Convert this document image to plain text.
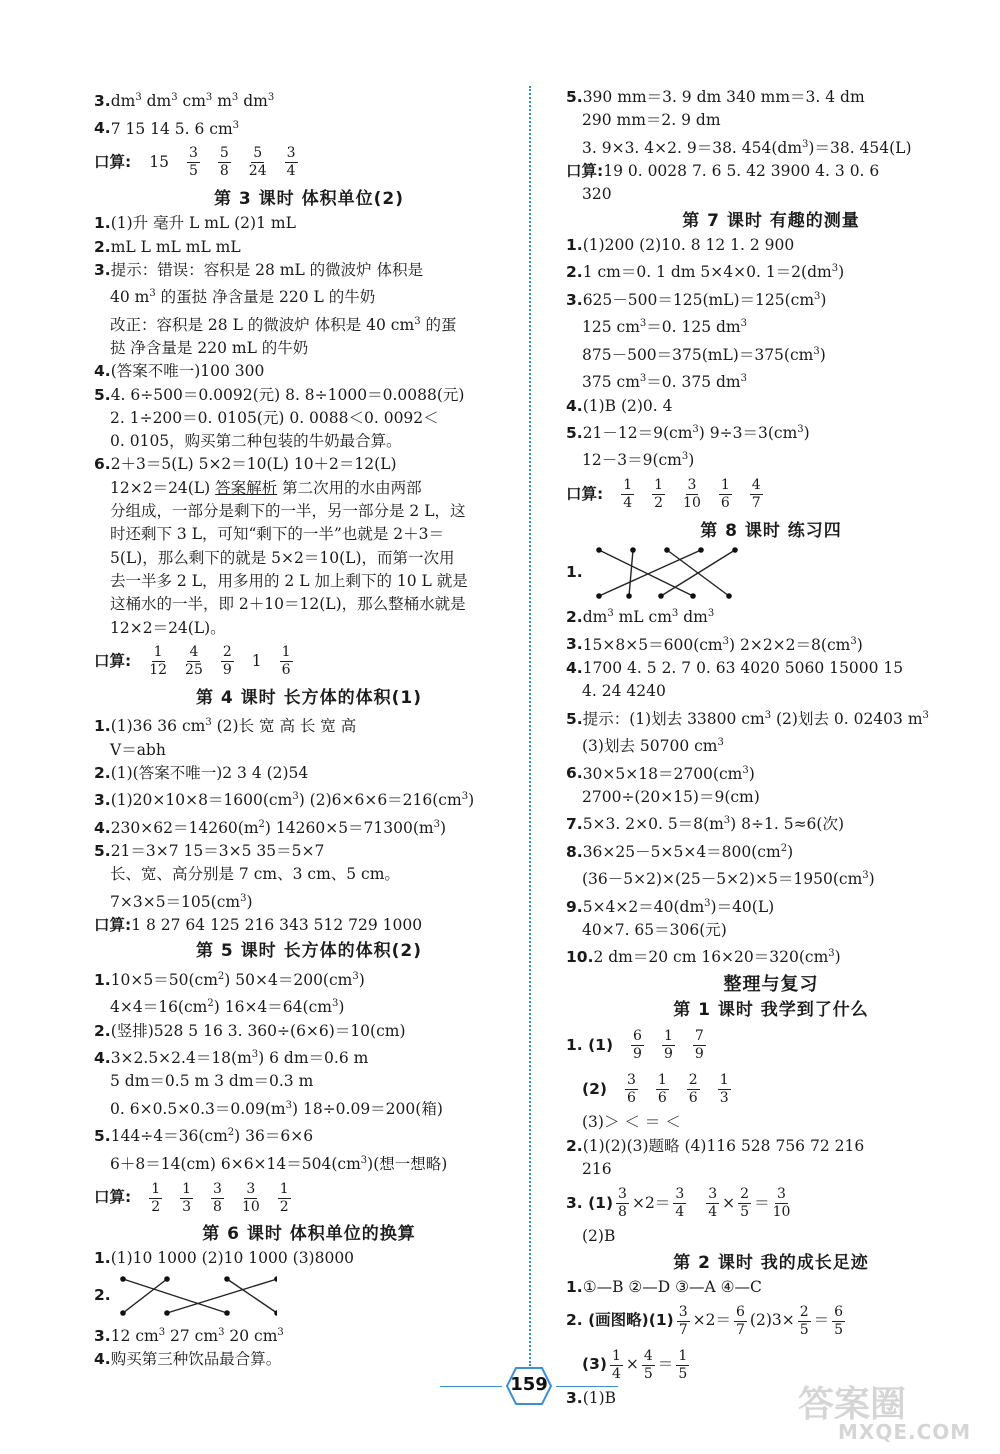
$3.dm^3$ $dm^3$ $cm^3$ $m^3$ $dm^3$
4.7 15 14 5. 6 $cm^3$
口算: $15 \frac{3}{5} \frac{5}{8} \frac{5}{24} \frac{3}{4}$
第 3 课时 体积单位(2)
1.(1)升 毫升 L mL (2)1 mL
2.mL L mL mL mL
3.提示：错误：容积是 28 mL 的微波炉 体积是
40 $m^3$ 的蛋挞 净含量是 220 L 的牛奶
改正：容积是 28 L 的微波炉 体积是 40 $cm^3$ 的蛋
挞 净含量是 220 mL 的牛奶
4.(答案不唯一)100 300
5.4. 6÷500＝0.0092(元) 8. 8÷1000＝0.0088(元)
2. 1÷200＝0. 0105(元) 0. 0088＜0. 0092＜
0. 0105，购买第二种包装的牛奶最合算。
6.2＋3＝5(L) 5×2＝10(L) 10＋2＝12(L)
12×2＝24(L) 答案解析 第二次用的水由两部
分组成，一部分是剩下的一半，另一部分是 2 L，这
时还剩下 3 L，可知“剩下的一半”也就是 2＋3＝
5(L)，那么剩下的就是 5×2＝10(L)，而第一次用
去一半多 2 L，用多用的 2 L 加上剩下的 10 L 就是
这桶水的一半，即 2＋10＝12(L)，那么整桶水就是
12×2＝24(L)。
口算: $\frac{1}{12} \frac{4}{25} \frac{2}{9} 1 \frac{1}{6}$
第 4 课时 长方体的体积(1)
1.(1)36 36 $cm^3$ (2)长 宽 高 长 宽 高
V＝abh
2.(1)(答案不唯一)2 3 4 (2)54
$3.(1)20\times 10\times 8=1600(cm^3)$ $(2)6\times 6\times 6=216(cm^3)$
$4.230\times 62=14260(m^2)$ $14260\times 5=71300(m^3)$
5.21＝3×7 15＝3×5 35＝5×7
长、宽、高分别是 7 cm、3 cm、5 cm。
$7\times 3\times 5=105(cm^3)$
口算:1 8 27 64 125 216 343 512 729 1000
第 5 课时 长方体的体积(2)
$1.10\times 5=50(cm^2)$ $50\times 4=200(cm^3)$
$4\times 4=16(cm^2)$ $16\times 4=64(cm^3)$
2.(竖排)528 5 16 3. 360÷(6×6)＝10(cm)
$4.3\times 2.5\times 2.4=18(m^3)$ 6 dm＝0.6 m
5 dm＝0.5 m 3 dm＝0.3 m
0. $6\times 0.5\times 0.3=0.09(m^3)$ 18÷0.09＝200(箱)
$5.144\div 4=36(cm^2)$ 36＝6×6
6＋8＝14(cm) $6\times 6\times 14=504(cm^3)$(想一想略)
口算: $\frac{1}{2} \frac{1}{3} \frac{3}{8} \frac{3}{10} \frac{1}{2}$
第 6 课时 体积单位的换算
1.(1)10 1000 (2)10 1000 (3)8000
2.
3.12 $cm^3$ 27 $cm^3$ 20 $cm^3$
4.购买第三种饮品最合算。
5.390 mm＝3. 9 dm 340 mm＝3. 4 dm
290 mm＝2. 9 dm
3. 9×3. 4×2. 9＝38. $454(dm^3)=38$. 454(L)
口算:19 0. 0028 7. 6 5. 42 3900 4. 3 0. 6
320
第 7 课时 有趣的测量
1.(1)200 (2)10. 8 12 1. 2 900
2.1 cm＝0. 1 dm 5×4×0. $1=2(dm^3)$
$3.625-500=125(mL)=125(cm^3)$
125 $cm^3=0$. 125 $dm^3$
$875-500=375(mL)=375(cm^3)$
375 $cm^3=0$. 375 $dm^3$
4.(1)B (2)0. 4
$5.21-12=9(cm^3)$ $9\div 3=3(cm^3)$
$12-3=9(cm^3)$
口算: $\frac{1}{4} \frac{1}{2} \frac{3}{10} \frac{1}{6} \frac{4}{7}$
第 8 课时 练习四
1.
$2.dm^3$ mL $cm^3$ $dm^3$
$3.15\times 8\times 5=600(cm^3)$ $2\times 2\times 2=8(cm^3)$
4.1700 4. 5 2. 7 0. 63 4020 5060 15000 15
4. 24 4240
5.提示：(1)划去 33800 $cm^3$ (2)划去 0. 02403 $m^3$
(3)划去 50700 $cm^3$
$6.30\times 5\times 18=2700(cm^3)$
2700÷(20×15)＝9(cm)
7.5×3. 2×0. $5=8(m^3)$ 8÷1. 5≈6(次)
$8.36\times 25-5\times 5\times 4=800(cm^2)$
$(36-5\times 2)\times(25-5\times 2)\times 5=1950(cm^3)$
$9.5\times 4\times 2=40(dm^3)=40(L)$
40×7. 65＝306(元)
10.2 dm＝20 cm $16\times 20=320(cm^3)$
整理与复习
第 1 课时 我学到了什么
1. $(1) \frac{6}{9} \frac{1}{9} \frac{7}{9}$
$(2) \frac{3}{6} \frac{1}{6} \frac{2}{6} \frac{1}{3}$
(3)＞ ＜ ＝ ＜
2.(1)(2)(3)题略 (4)116 528 756 72 216
216
3. $(1) \frac{3}{8} \times 2= \frac{3}{4} \frac{3}{4} \times \frac{2}{5} = \frac{3}{10}$
(2)B
第 2 课时 我的成长足迹
1.①—B ②—D ③—A ④—C
2. (画图略)$(1) \frac{3}{7} \times 2= \frac{6}{7} (2)3\times \frac{2}{5} = \frac{6}{5}$
$(3) \frac{1}{4} \times \frac{4}{5} = \frac{1}{5}$
3.(1)B
159	答案圈
MXQE.COM
